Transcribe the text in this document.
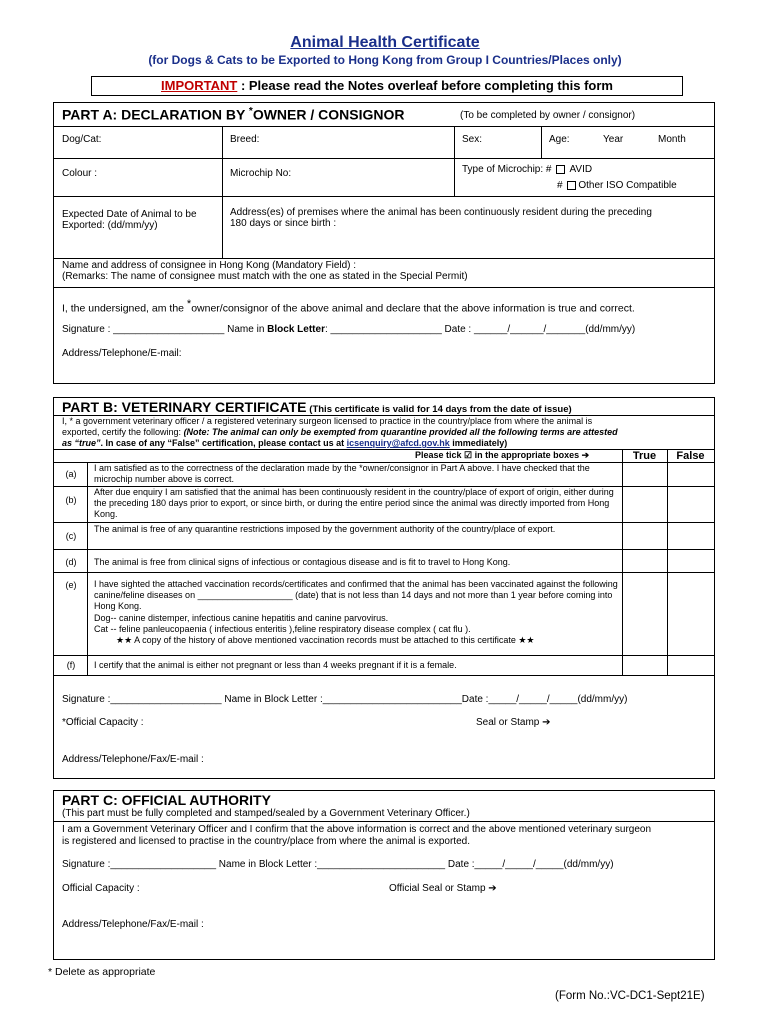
Animal Health Certificate
(for Dogs & Cats to be Exported to Hong Kong from Group I Countries/Places only)
IMPORTANT : Please read the Notes overleaf before completing this form
PART A: DECLARATION BY *OWNER / CONSIGNOR	(To be completed by owner / consignor)
Dog/Cat:	Breed:	Sex:	Age:	Year	Month
Colour :	Microchip No:	Type of Microchip: # AVID
# Other ISO Compatible
Expected Date of Animal to be
Exported: (dd/mm/yy)
Address(es) of premises where the animal has been continuously resident during the preceding
180 days or since birth :
Name and address of consignee in Hong Kong (Mandatory Field) :
(Remarks: The name of consignee must match with the one as stated in the Special Permit)
I, the undersigned, am the *owner/consignor of the above animal and declare that the above information is true and correct.
Signature : ____________________ Name in Block Letter: ____________________ Date : ______/______/_______(dd/mm/yy)
Address/Telephone/E-mail:
PART B: VETERINARY CERTIFICATE (This certificate is valid for 14 days from the date of issue)
I, * a government veterinary officer / a registered veterinary surgeon licensed to practice in the country/place from where the animal is
exported, certify the following: (Note: The animal can only be exempted from quarantine provided all the following terms are attested
as “true”. In case of any “False” certification, please contact us at icsenquiry@afcd.gov.hk immediately)
Please tick ☑ in the appropriate boxes ➔	True	False
(a)
I am satisfied as to the correctness of the declaration made by the *owner/consignor in Part A above. I have checked that the microchip number above is correct.
(b)
After due enquiry I am satisfied that the animal has been continuously resident in the country/place of export of origin, either during the preceding 180 days prior to export, or since birth, or during the entire period since the animal was directly imported from Hong Kong.
(c)
The animal is free of any quarantine restrictions imposed by the government authority of the country/place of export.
(d)	The animal is free from clinical signs of infectious or contagious disease and is fit to travel to Hong Kong.
(e)	I have sighted the attached vaccination records/certificates and confirmed that the animal has been vaccinated against the following canine/feline diseases on ___________________ (date) that is not less than 14 days and not more than 1 year before coming into Hong Kong.
Dog-- canine distemper, infectious canine hepatitis and canine parvovirus.
Cat -- feline panleucopaenia ( infectious enteritis ),feline respiratory disease complex ( cat flu ).
★★ A copy of the history of above mentioned vaccination records must be attached to this certificate ★★
(f)	I certify that the animal is either not pregnant or less than 4 weeks pregnant if it is a female.
Signature :____________________ Name in Block Letter :_________________________Date :_____/_____/_____(dd/mm/yy)
*Official Capacity :	Seal or Stamp ➔
Address/Telephone/Fax/E-mail :
PART C: OFFICIAL AUTHORITY
(This part must be fully completed and stamped/sealed by a Government Veterinary Officer.)
I am a Government Veterinary Officer and I confirm that the above information is correct and the above mentioned veterinary surgeon
is registered and licensed to practise in the country/place from where the animal is exported.
Signature :___________________ Name in Block Letter :_______________________ Date :_____/_____/_____(dd/mm/yy)
Official Capacity :	Official Seal or Stamp ➔
Address/Telephone/Fax/E-mail :
* Delete as appropriate
(Form No.:VC-DC1-Sept21E)
